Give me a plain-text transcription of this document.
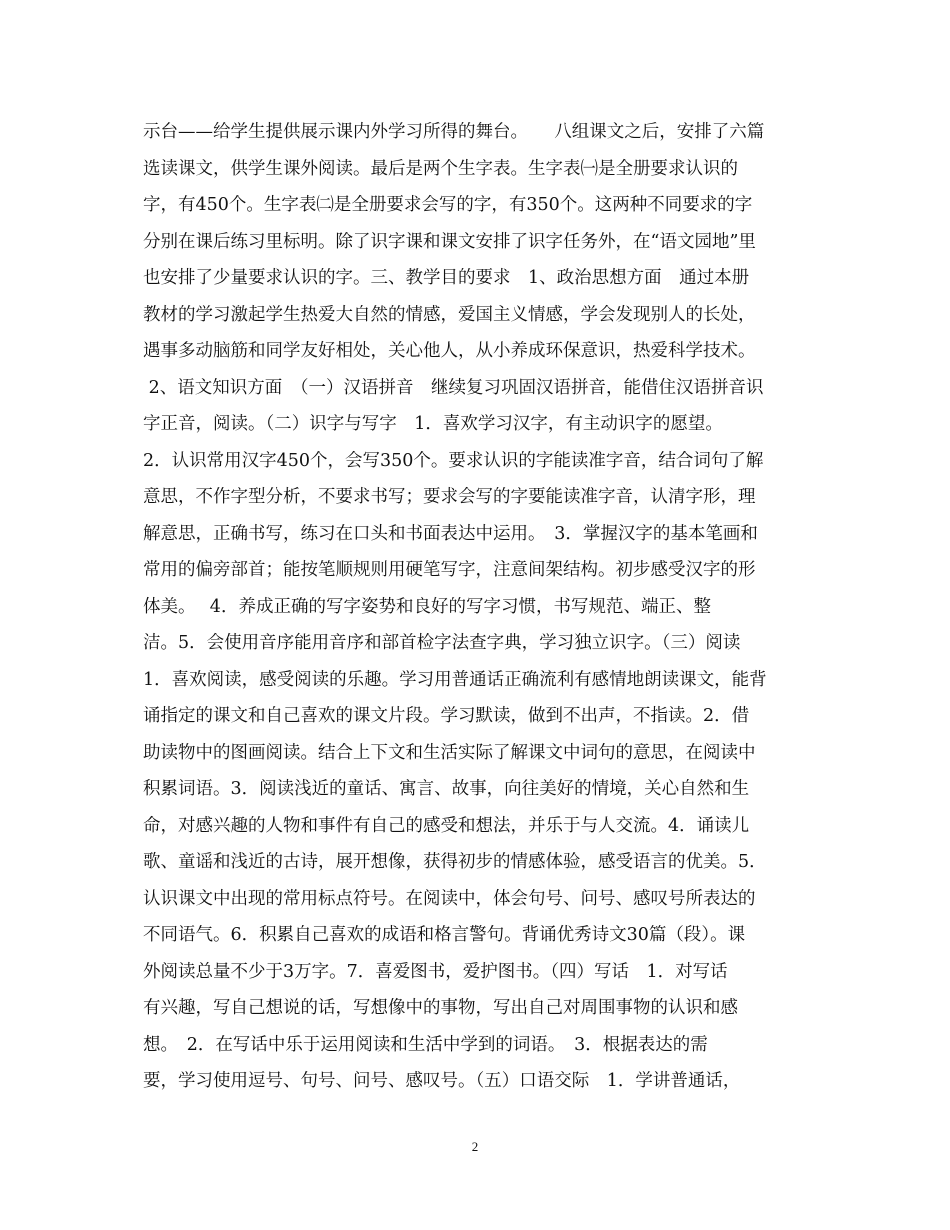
示台——给学生提供展示课内外学习所得的舞台。　　八组课文之后，安排了六篇
选读课文，供学生课外阅读。最后是两个生字表。生字表㈠是全册要求认识的
字，有450个。生字表㈡是全册要求会写的字，有350个。这两种不同要求的字
分别在课后练习里标明。除了识字课和课文安排了识字任务外，在“语文园地”里
也安排了少量要求认识的字。三、教学目的要求　1、政治思想方面　通过本册
教材的学习激起学生热爱大自然的情感，爱国主义情感，学会发现别人的长处，
遇事多动脑筋和同学友好相处，关心他人，从小养成环保意识，热爱科学技术。
2、语文知识方面　（一）汉语拼音　继续复习巩固汉语拼音，能借住汉语拼音识
字正音，阅读。（二）识字与写字　1．喜欢学习汉字，有主动识字的愿望。
2．认识常用汉字450个，会写350个。要求认识的字能读准字音，结合词句了解
意思，不作字型分析，不要求书写；要求会写的字要能读准字音，认清字形，理
解意思，正确书写，练习在口头和书面表达中运用。　3．掌握汉字的基本笔画和
常用的偏旁部首；能按笔顺规则用硬笔写字，注意间架结构。初步感受汉字的形
体美。　 4．养成正确的写字姿势和良好的写字习惯，书写规范、端正、整
洁。5．会使用音序能用音序和部首检字法查字典，学习独立识字。（三）阅读
1．喜欢阅读，感受阅读的乐趣。学习用普通话正确流利有感情地朗读课文，能背
诵指定的课文和自己喜欢的课文片段。学习默读，做到不出声，不指读。2．借
助读物中的图画阅读。结合上下文和生活实际了解课文中词句的意思，在阅读中
积累词语。3．阅读浅近的童话、寓言、故事，向往美好的情境，关心自然和生
命，对感兴趣的人物和事件有自己的感受和想法，并乐于与人交流。4．诵读儿
歌、童谣和浅近的古诗，展开想像，获得初步的情感体验，感受语言的优美。5．
认识课文中出现的常用标点符号。在阅读中，体会句号、问号、感叹号所表达的
不同语气。6．积累自己喜欢的成语和格言警句。背诵优秀诗文30篇（段）。课
外阅读总量不少于3万字。7．喜爱图书，爱护图书。（四）写话　1．对写话
有兴趣，写自己想说的话，写想像中的事物，写出自己对周围事物的认识和感
想。　2．在写话中乐于运用阅读和生活中学到的词语。　3．根据表达的需
要，学习使用逗号、句号、问号、感叹号。（五）口语交际　1．学讲普通话，
2
